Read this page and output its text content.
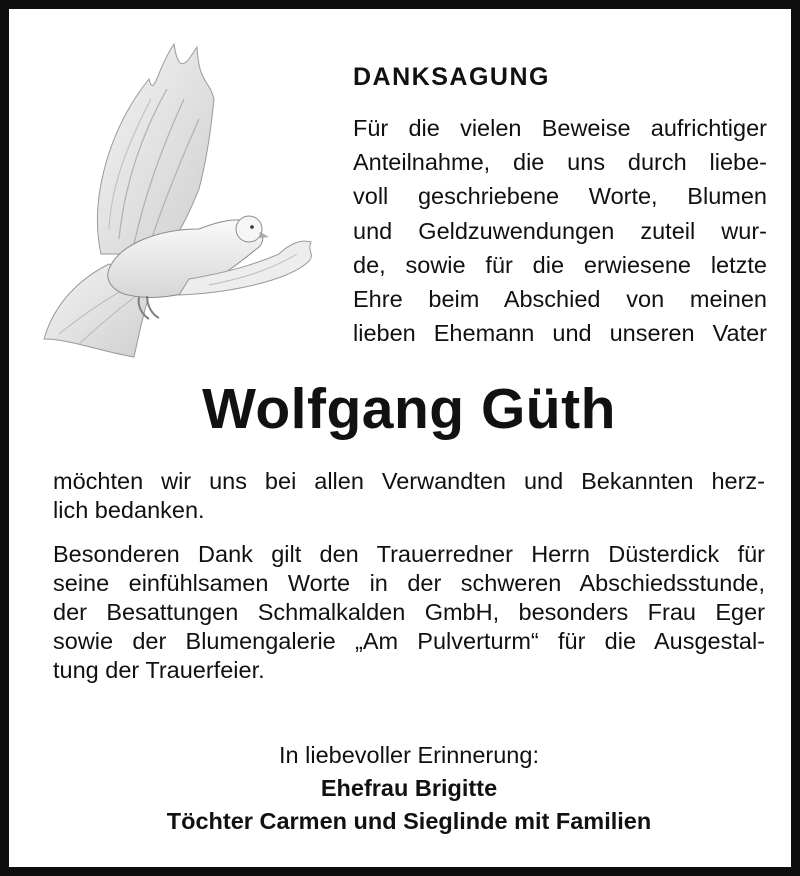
DANKSAGUNG
Für die vielen Beweise aufrichtiger
Anteilnahme, die uns durch liebe-
voll geschriebene Worte, Blumen
und Geldzuwendungen zuteil wur-
de, sowie für die erwiesene letzte
Ehre beim Abschied von meinen
lieben Ehemann und unseren Vater
Wolfgang Güth
möchten wir uns bei allen Verwandten und Bekannten herz-
lich bedanken.
Besonderen Dank gilt den Trauerredner Herrn Düsterdick für
seine einfühlsamen Worte in der schweren Abschiedsstunde,
der Besattungen Schmalkalden GmbH, besonders Frau Eger
sowie der Blumengalerie „Am Pulverturm“ für die Ausgestal-
tung der Trauerfeier.
In liebevoller Erinnerung:
Ehefrau Brigitte
Töchter Carmen und Sieglinde mit Familien
